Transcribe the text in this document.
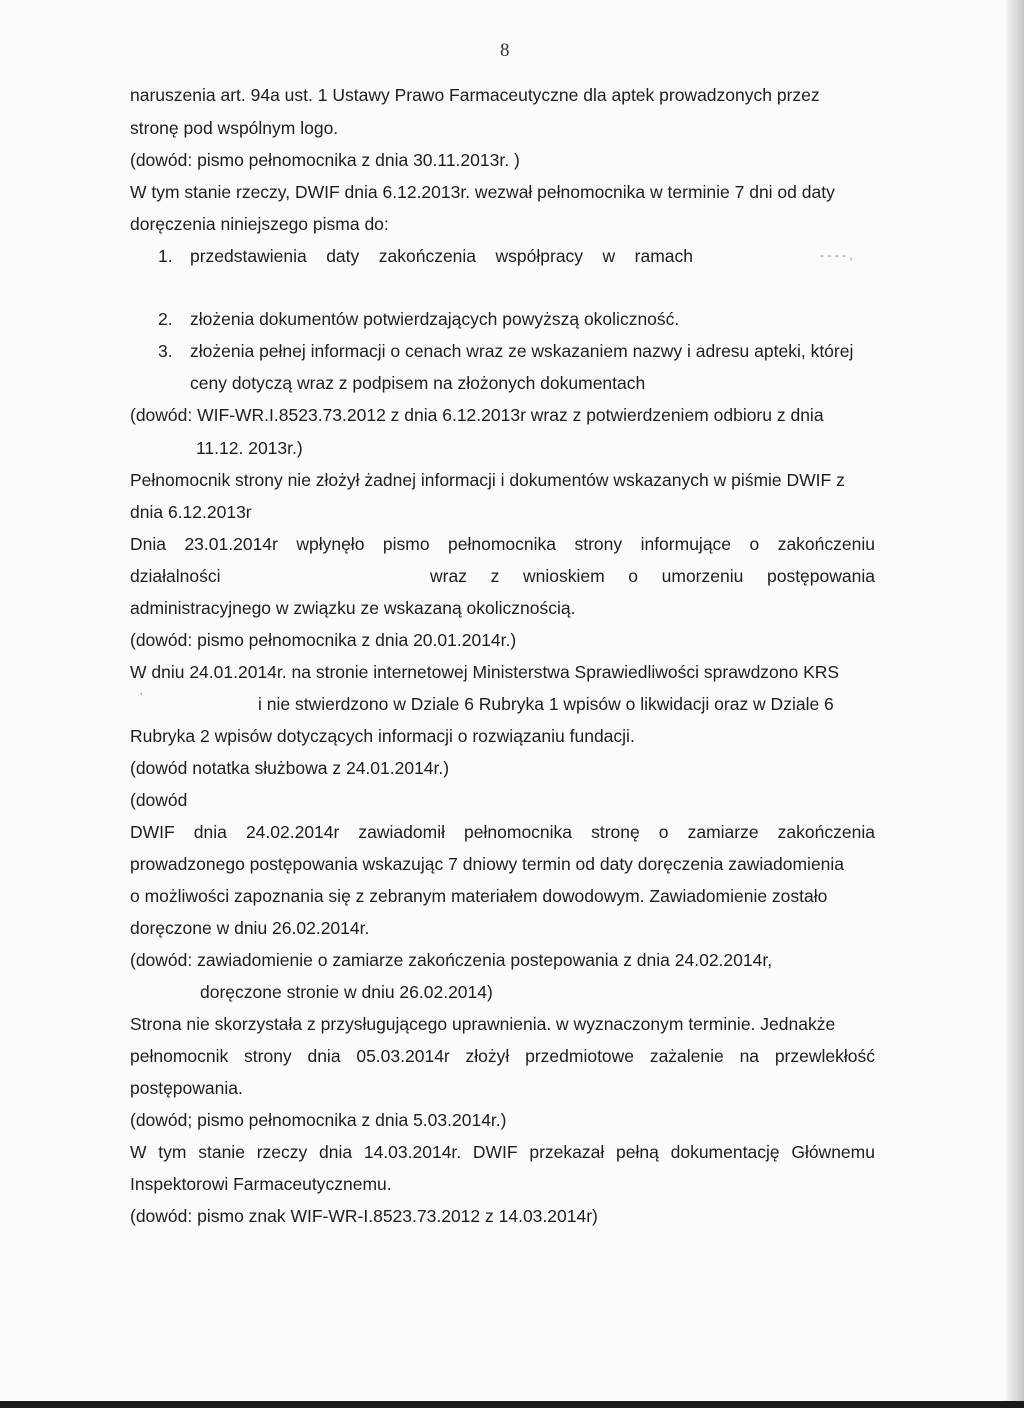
8
naruszenia art. 94a ust. 1 Ustawy Prawo Farmaceutyczne dla aptek prowadzonych przez
stronę pod wspólnym logo.
(dowód: pismo pełnomocnika z dnia 30.11.2013r. )
W tym stanie rzeczy, DWIF dnia 6.12.2013r. wezwał pełnomocnika w terminie 7 dni od daty
doręczenia niniejszego pisma do:
1. przedstawienia daty zakończenia współpracy w ramach	- - - - ,
2. złożenia dokumentów potwierdzających powyższą okoliczność.
3. złożenia pełnej informacji o cenach wraz ze wskazaniem nazwy i adresu apteki, której
ceny dotyczą wraz z podpisem na złożonych dokumentach
(dowód: WIF-WR.I.8523.73.2012 z dnia 6.12.2013r wraz z potwierdzeniem odbioru z dnia
11.12. 2013r.)
Pełnomocnik strony nie złożył żadnej informacji i dokumentów wskazanych w piśmie DWIF z
dnia 6.12.2013r
Dnia 23.01.2014r wpłynęło pismo pełnomocnika strony informujące o zakończeniu
działalności	wraz z wnioskiem o umorzeniu postępowania
administracyjnego w związku ze wskazaną okolicznością.
(dowód: pismo pełnomocnika z dnia 20.01.2014r.)
W dniu 24.01.2014r. na stronie internetowej Ministerstwa Sprawiedliwości sprawdzono KRS
i nie stwierdzono w Dziale 6 Rubryka 1 wpisów o likwidacji oraz w Dziale 6
'
Rubryka 2 wpisów dotyczących informacji o rozwiązaniu fundacji.
(dowód notatka służbowa z 24.01.2014r.)
(dowód
DWIF dnia 24.02.2014r zawiadomił pełnomocnika stronę o zamiarze zakończenia
prowadzonego postępowania wskazując 7 dniowy termin od daty doręczenia zawiadomienia
o możliwości zapoznania się z zebranym materiałem dowodowym. Zawiadomienie zostało
doręczone w dniu 26.02.2014r.
(dowód: zawiadomienie o zamiarze zakończenia postepowania z dnia 24.02.2014r,
doręczone stronie w dniu 26.02.2014)
Strona nie skorzystała z przysługującego uprawnienia. w wyznaczonym terminie. Jednakże
pełnomocnik strony dnia 05.03.2014r złożył przedmiotowe zażalenie na przewlekłość
postępowania.
(dowód; pismo pełnomocnika z dnia 5.03.2014r.)
W tym stanie rzeczy dnia 14.03.2014r. DWIF przekazał pełną dokumentację Głównemu
Inspektorowi Farmaceutycznemu.
(dowód: pismo znak WIF-WR-I.8523.73.2012 z 14.03.2014r)
